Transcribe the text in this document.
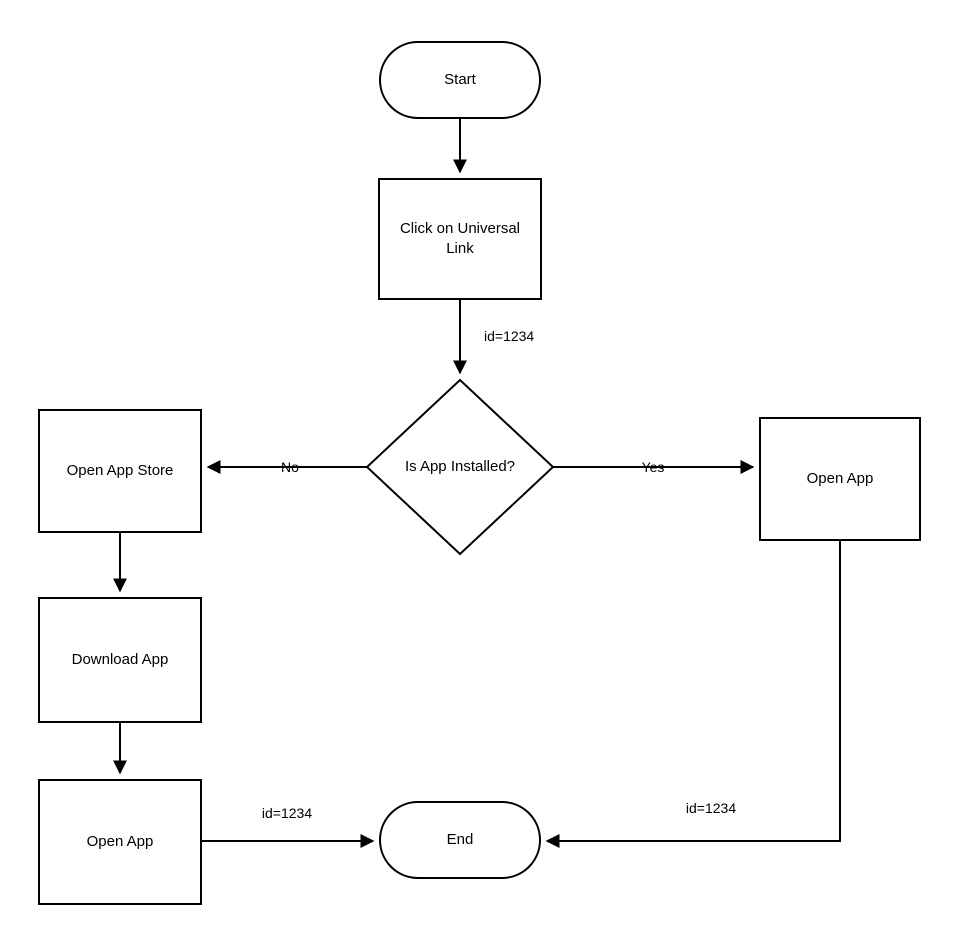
Start
Click on Universal
Link
Is App Installed?
Open App Store
Download App
Open App
Open App
End
id=1234
No	Yes
id=1234	id=1234
